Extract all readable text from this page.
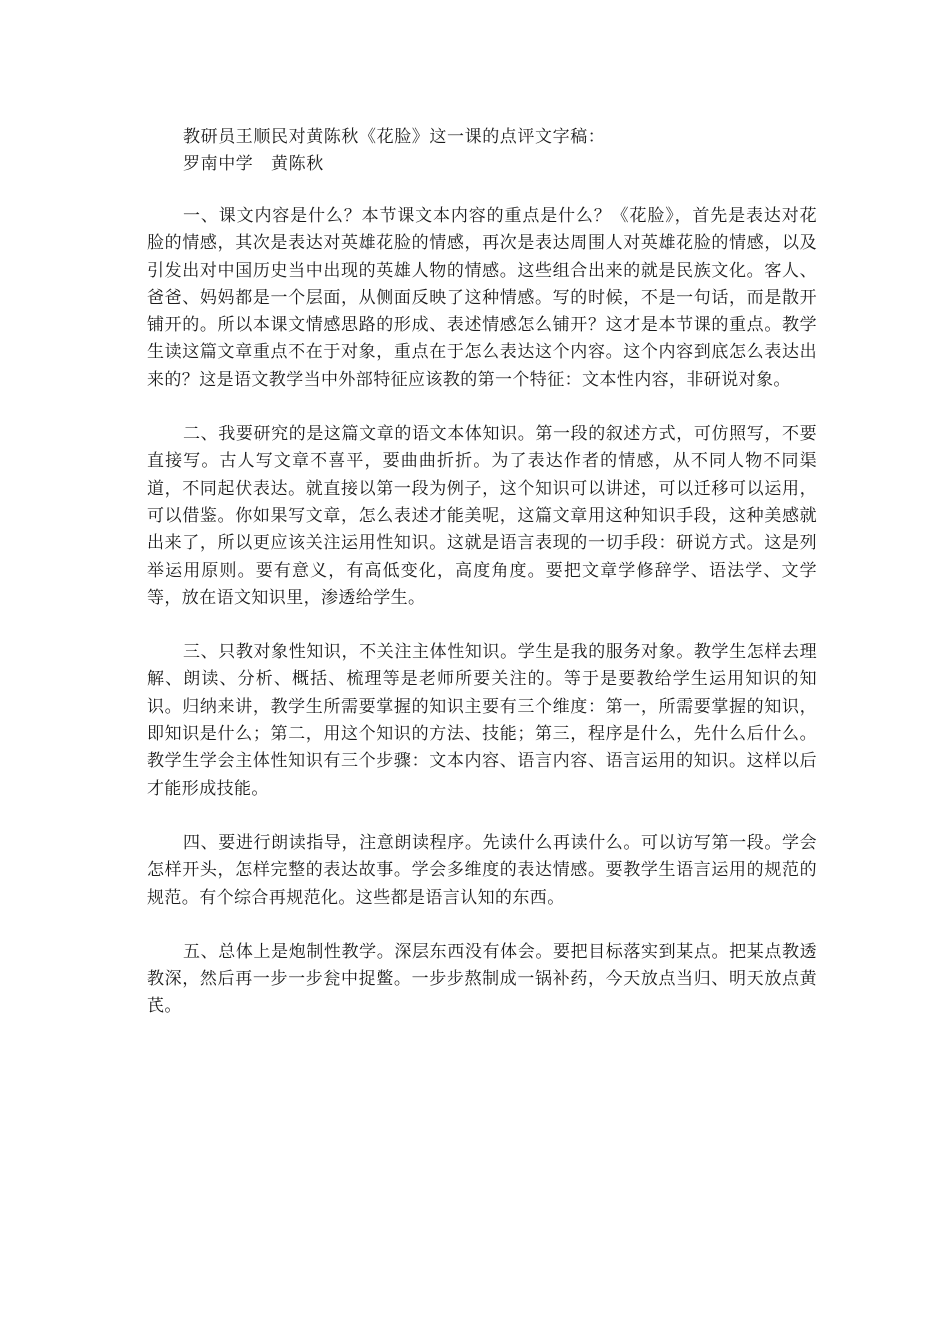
教研员王顺民对黄陈秋《花脸》这一课的点评文字稿：
罗南中学　黄陈秋

一、课文内容是什么？本节课文本内容的重点是什么？《花脸》，首先是表达对花脸的情感，其次是表达对英雄花脸的情感，再次是表达周围人对英雄花脸的情感，以及引发出对中国历史当中出现的英雄人物的情感。这些组合出来的就是民族文化。客人、爸爸、妈妈都是一个层面，从侧面反映了这种情感。写的时候，不是一句话，而是散开铺开的。所以本课文情感思路的形成、表述情感怎么铺开？这才是本节课的重点。教学生读这篇文章重点不在于对象，重点在于怎么表达这个内容。这个内容到底怎么表达出来的？这是语文教学当中外部特征应该教的第一个特征：文本性内容，非研说对象。

二、我要研究的是这篇文章的语文本体知识。第一段的叙述方式，可仿照写，不要直接写。古人写文章不喜平，要曲曲折折。为了表达作者的情感，从不同人物不同渠道，不同起伏表达。就直接以第一段为例子，这个知识可以讲述，可以迁移可以运用，可以借鉴。你如果写文章，怎么表述才能美呢，这篇文章用这种知识手段，这种美感就出来了，所以更应该关注运用性知识。这就是语言表现的一切手段：研说方式。这是列举运用原则。要有意义，有高低变化，高度角度。要把文章学修辞学、语法学、文学等，放在语文知识里，渗透给学生。

三、只教对象性知识，不关注主体性知识。学生是我的服务对象。教学生怎样去理解、朗读、分析、概括、梳理等是老师所要关注的。等于是要教给学生运用知识的知识。归纳来讲，教学生所需要掌握的知识主要有三个维度：第一，所需要掌握的知识，即知识是什么；第二，用这个知识的方法、技能；第三，程序是什么，先什么后什么。教学生学会主体性知识有三个步骤：文本内容、语言内容、语言运用的知识。这样以后才能形成技能。

四、要进行朗读指导，注意朗读程序。先读什么再读什么。可以访写第一段。学会怎样开头，怎样完整的表达故事。学会多维度的表达情感。要教学生语言运用的规范的规范。有个综合再规范化。这些都是语言认知的东西。

五、总体上是炮制性教学。深层东西没有体会。要把目标落实到某点。把某点教透教深，然后再一步一步瓮中捉鳖。一步步熬制成一锅补药，今天放点当归、明天放点黄芪。
